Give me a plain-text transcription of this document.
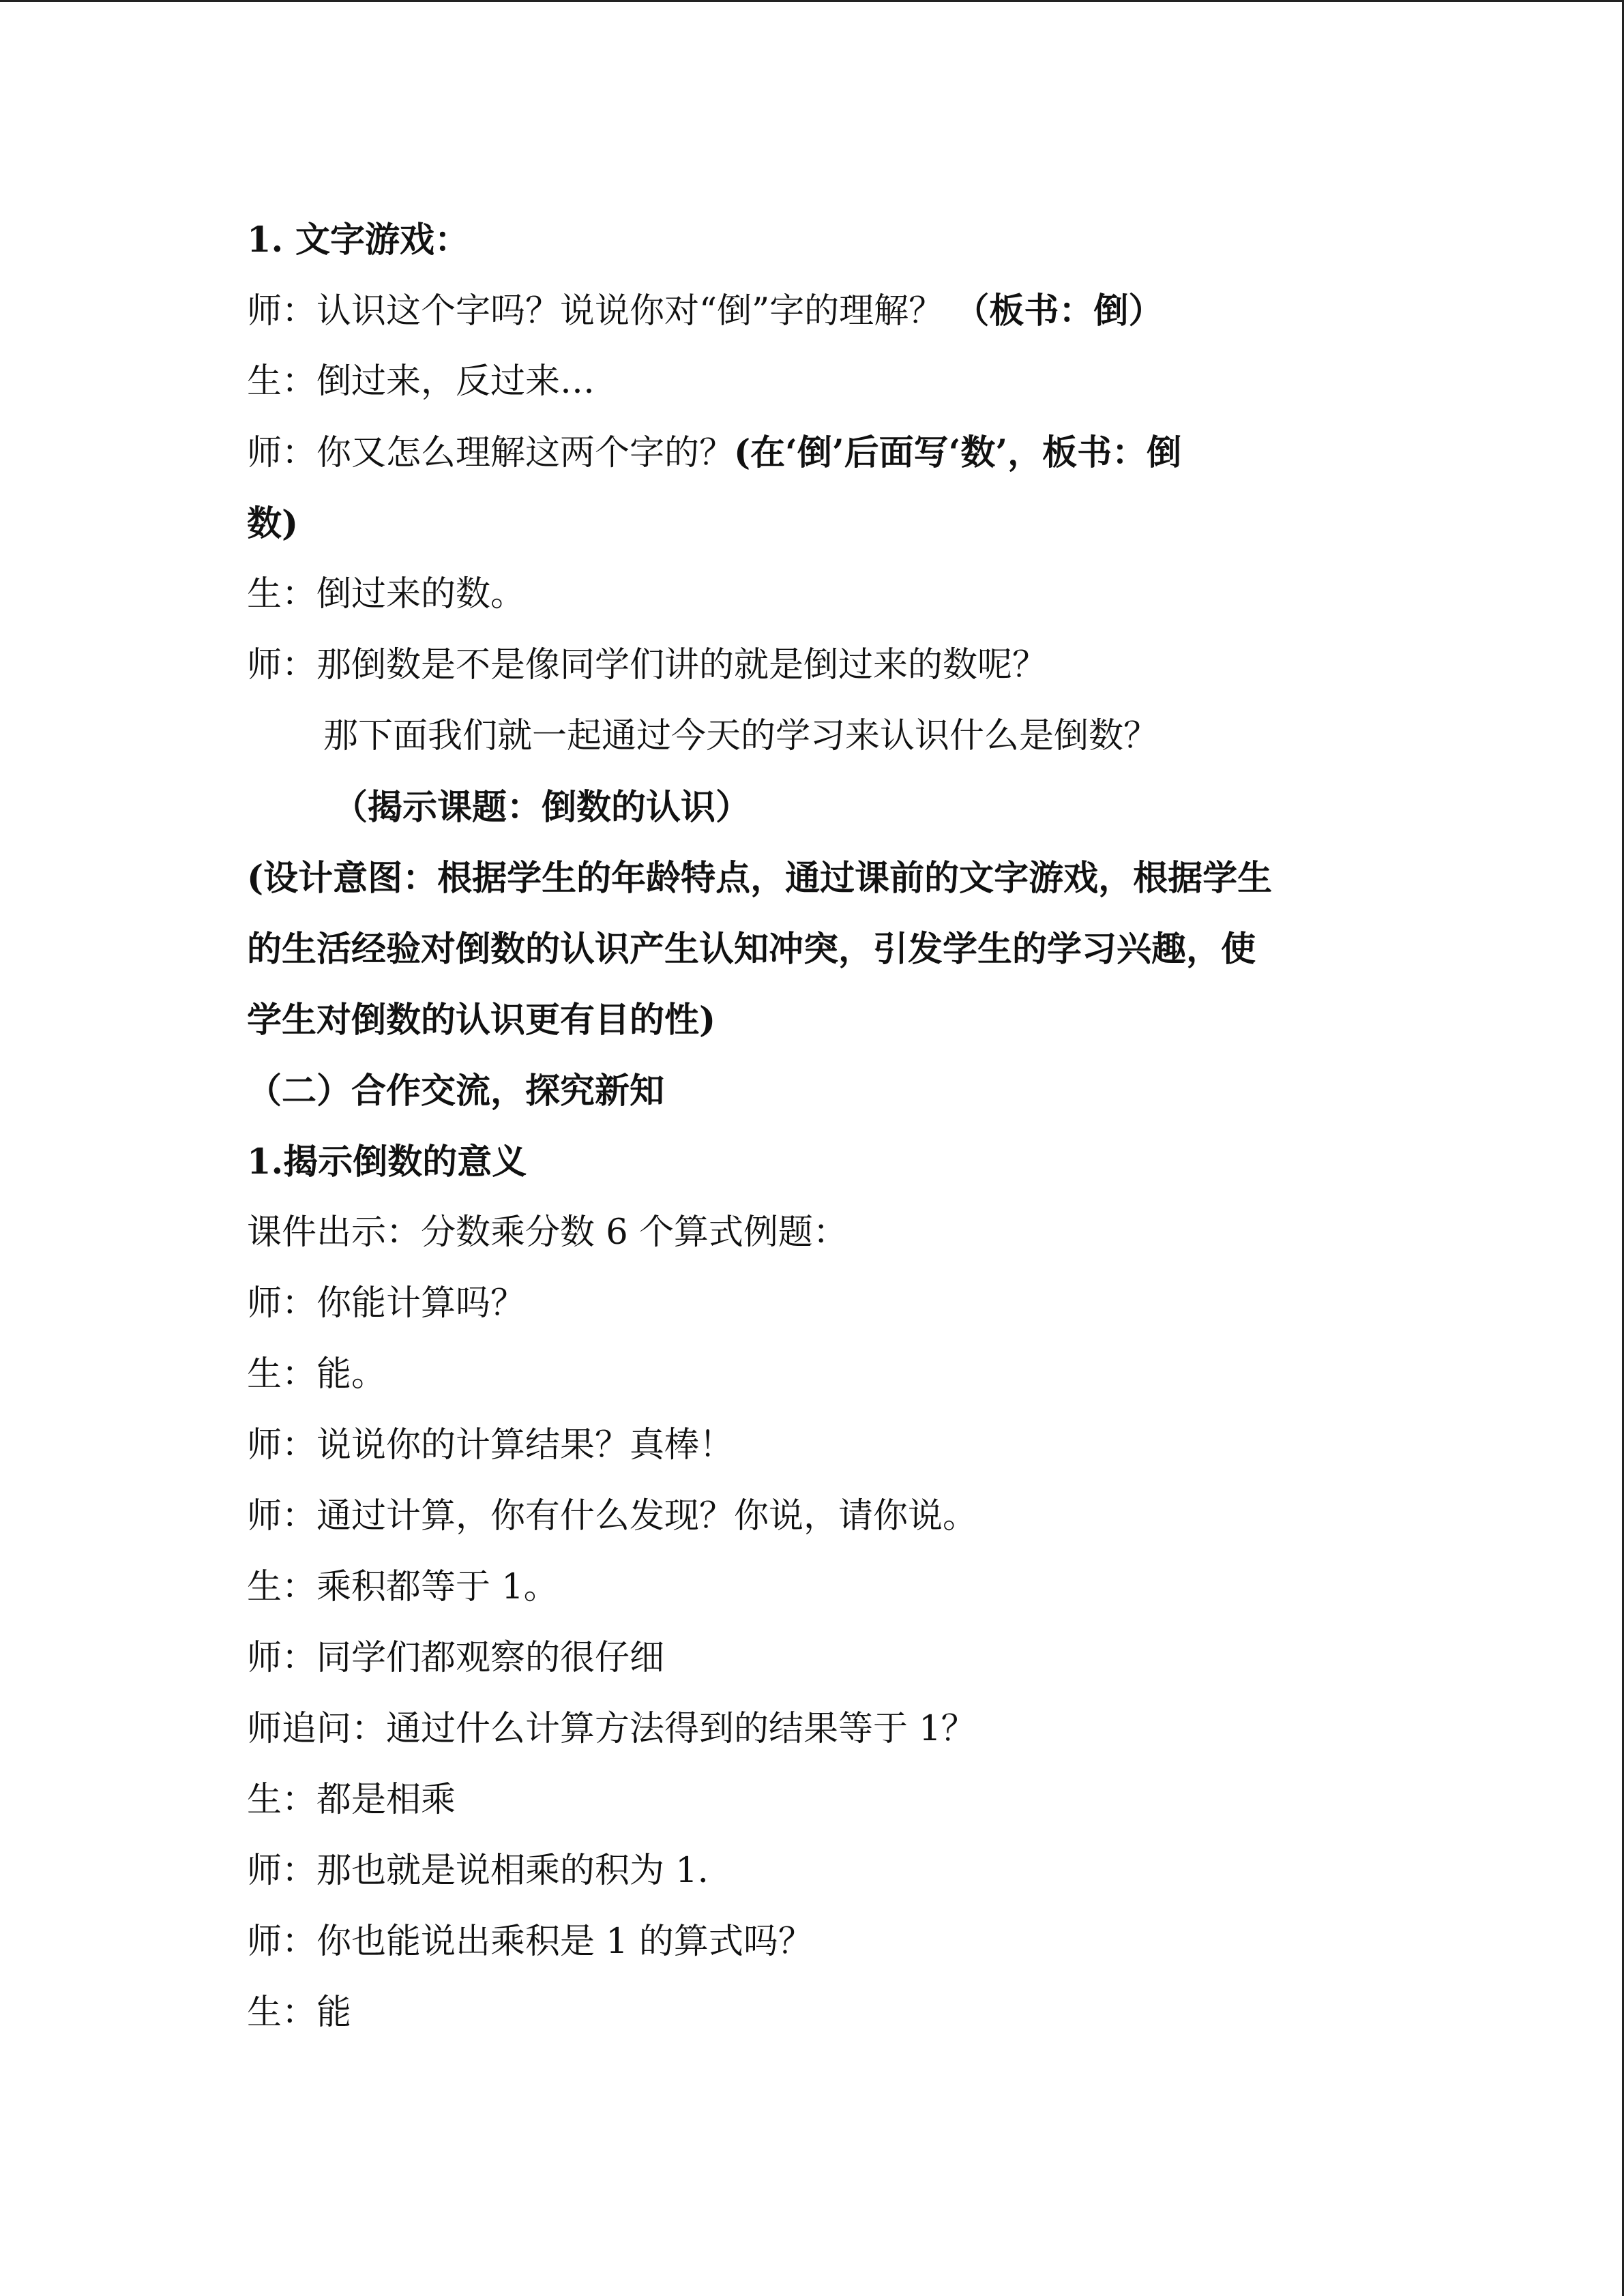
1. 文字游戏：
师：认识这个字吗？说说你对“倒”字的理解？ （板书：倒）
生：倒过来，反过来…
师：你又怎么理解这两个字的？(在‘倒’后面写‘数’，板书：倒
数)
生：倒过来的数。
师：那倒数是不是像同学们讲的就是倒过来的数呢？
那下面我们就一起通过今天的学习来认识什么是倒数？
（揭示课题：倒数的认识）
(设计意图：根据学生的年龄特点，通过课前的文字游戏，根据学生
的生活经验对倒数的认识产生认知冲突，引发学生的学习兴趣，使
学生对倒数的认识更有目的性)
（二）合作交流，探究新知
1.揭示倒数的意义
课件出示：分数乘分数 6 个算式例题：
师：你能计算吗？
生：能。
师：说说你的计算结果？真棒！
师：通过计算，你有什么发现？你说，请你说。
生：乘积都等于 1。
师：同学们都观察的很仔细
师追问：通过什么计算方法得到的结果等于 1？
生：都是相乘
师：那也就是说相乘的积为 1.
师：你也能说出乘积是 1 的算式吗？
生：能
